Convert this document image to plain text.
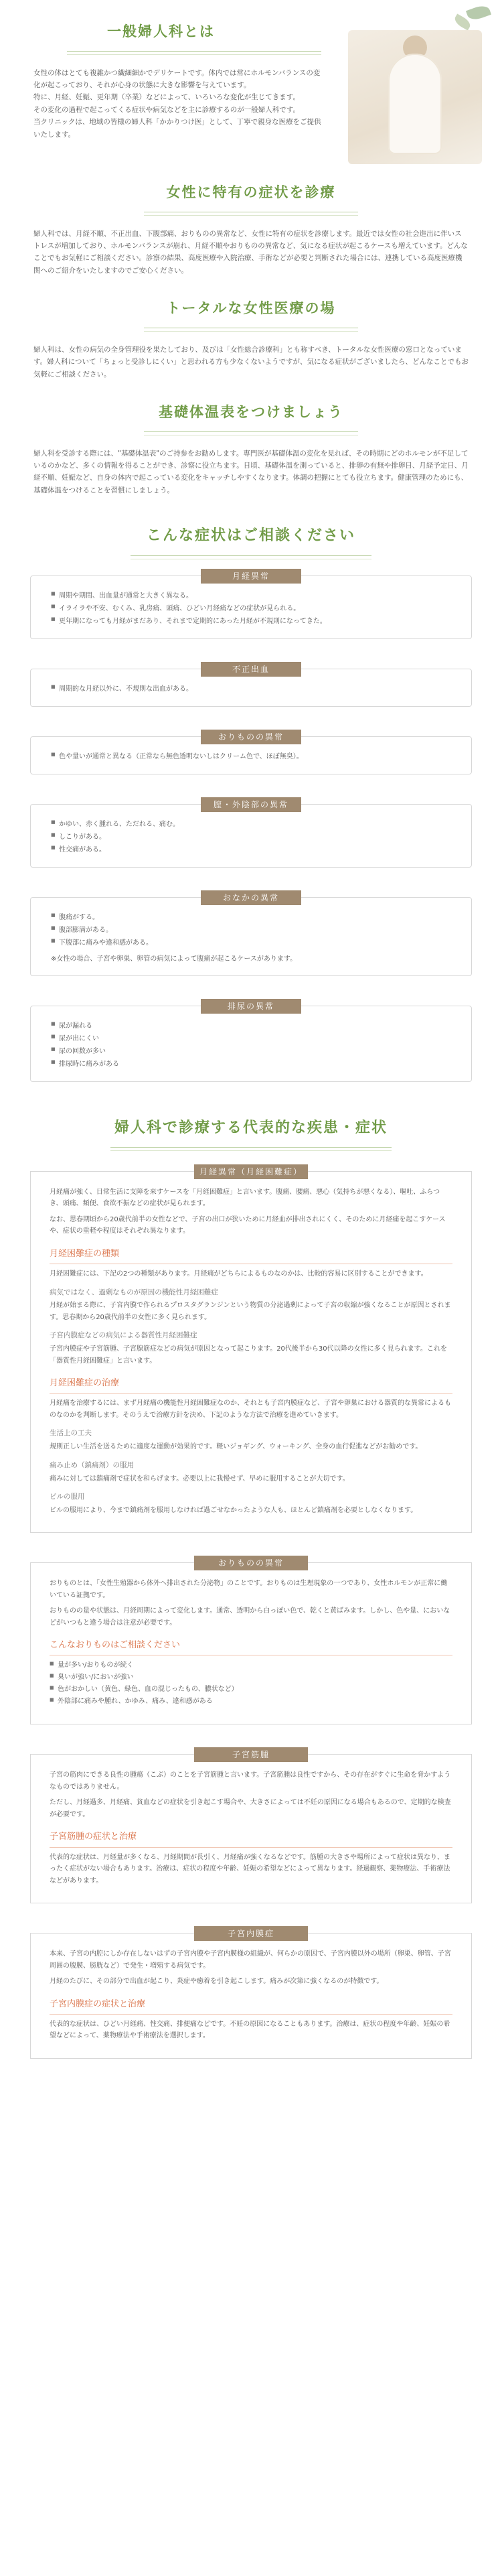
一般婦人科とは

女性の体はとても複雑かつ繊細細かでデリケートです。体内では常にホルモンバランスの変化が起こっており、それが心身の状態に大きな影響を与えています。

特に、月経、妊娠、更年期（卒業）などによって、いろいろな変化が生じてきます。

その変化の過程で起こってくる症状や病気などを主に診療するのが一般婦人科です。

当クリニックは、地域の皆様の婦人科「かかりつけ医」として、丁寧で親身な医療をご提供いたします。

女性に特有の症状を診療

婦人科では、月経不順、不正出血、下腹部痛、おりものの異常など、女性に特有の症状を診療します。最近では女性の社会進出に伴いストレスが増加しており、ホルモンバランスが崩れ、月経不順やおりものの異常など、気になる症状が起こるケースも増えています。どんなことでもお気軽にご相談ください。診察の結果、高度医療や入院治療、手術などが必要と判断された場合には、連携している高度医療機関へのご紹介をいたしますのでご安心ください。

トータルな女性医療の場

婦人科は、女性の病気の全身管理役を果たしており、及びは「女性総合診療科」とも称すべき、トータルな女性医療の窓口となっています。婦人科について「ちょっと受診しにくい」と思われる方も少なくないようですが、気になる症状がございましたら、どんなことでもお気軽にご相談ください。

基礎体温表をつけましょう

婦人科を受診する際には、"基礎体温表"のご持参をお勧めします。専門医が基礎体温の変化を見れば、その時期にどのホルモンが不足しているのかなど、多くの情報を得ることができ、診察に役立ちます。日頃、基礎体温を測っていると、排卵の有無や排卵日、月経予定日、月経不順、妊娠など、自身の体内で起こっている変化をキャッチしやすくなります。体調の把握にとても役立ちます。健康管理のためにも、基礎体温をつけることを習慣にしましょう。

こんな症状はご相談ください
月経異常
■ 周期や期間、出血量が通常と大きく異なる。
■ イライラや不安、むくみ、乳房痛、頭痛、ひどい月経痛などの症状が見られる。
■ 更年期になっても月経がまだあり、それまで定期的にあった月経が不規則になってきた。
不正出血
■ 周期的な月経以外に、不規則な出血がある。
おりものの異常
■ 色や量いが通常と異なる（正常なら無色透明ないしはクリーム色で、ほぼ無臭）。
膣・外陰部の異常
■ かゆい、赤く腫れる、ただれる、痛む。
■ しこりがある。
■ 性交痛がある。
おなかの異常
■ 腹痛がする。
■ 腹部膨満がある。
■ 下腹部に痛みや違和感がある。

※女性の場合、子宮や卵巣、卵管の病気によって腹痛が起こるケースがあります。

排尿の異常
■ 尿が漏れる
■ 尿が出にくい
■ 尿の回数が多い
■ 排尿時に痛みがある
婦人科で診療する代表的な疾患・症状
月経異常（月経困難症）

月経痛が強く、日常生活に支障を来すケースを「月経困難症」と言います。腹痛、腰痛、悪心（気持ちが悪くなる）、嘔吐、ふらつき、頭痛、頻便、食欲不振などの症状が見られます。

なお、思春期頃から20歳代前半の女性などで、子宮の出口が狭いために月経血が排出されにくく、そのために月経痛を起こすケースや、症状の重軽や程度はそれぞれ異なります。

月経困難症の種類

月経困難症には、下記の2つの種類があります。月経痛がどちらによるものなのかは、比較的容易に区別することができます。

病気ではなく、過剰なものが原因の機能性月経困難症

月経が始まる際に、子宮内膜で作られるプロスタグランジンという物質の分泌過剰によって子宮の収縮が強くなることが原因とされます。思春期から20歳代前半の女性に多く見られます。

子宮内膜症などの病気による器質性月経困難症

子宮内膜症や子宮筋腫、子宮腺筋症などの病気が原因となって起こります。20代後半から30代以降の女性に多く見られます。これを「器質性月経困難症」と言います。

月経困難症の治療

月経痛を治療するには、まず月経痛の機能性月経困難症なのか、それとも子宮内膜症など、子宮や卵巣における器質的な異常によるものなのかを判断します。そのうえで治療方針を決め、下記のような方法で治療を進めていきます。

生活上の工夫

規則正しい生活を送るために適度な運動が効果的です。軽いジョギング、ウォーキング、全身の血行促進などがお勧めです。

痛み止め（鎮痛剤）の服用

痛みに対しては鎮痛剤で症状を和らげます。必要以上に我慢せず、早めに服用することが大切です。

ピルの服用

ピルの服用により、今まで鎮痛剤を服用しなければ過ごせなかったような人も、ほとんど鎮痛剤を必要としなくなります。

おりものの異常

おりものとは、「女性生殖器から体外へ排出された分泌物」のことです。おりものは生理現象の一つであり、女性ホルモンが正常に働いている証拠です。

おりものの量や状態は、月経周期によって変化します。通常、透明から白っぽい色で、乾くと黄ばみます。しかし、色や量、においなどがいつもと違う場合は注意が必要です。

こんなおりものはご相談ください
■ 量が多い/おりものが続く
■ 臭いが強い/においが強い
■ 色がおかしい（黄色、緑色、血の混じったもの、膿状など）
■ 外陰部に痛みや腫れ、かゆみ、痛み、違和感がある
子宮筋腫

子宮の筋肉にできる良性の腫瘍（こぶ）のことを子宮筋腫と言います。子宮筋腫は良性ですから、その存在がすぐに生命を脅かすようなものではありません。

ただし、月経過多、月経痛、貧血などの症状を引き起こす場合や、大きさによっては不妊の原因になる場合もあるので、定期的な検査が必要です。

子宮筋腫の症状と治療

代表的な症状は、月経量が多くなる、月経期間が長引く、月経痛が強くなるなどです。筋腫の大きさや場所によって症状は異なり、まったく症状がない場合もあります。治療は、症状の程度や年齢、妊娠の希望などによって異なります。経過観察、薬物療法、手術療法などがあります。

子宮内膜症

本来、子宮の内腔にしか存在しないはずの子宮内膜や子宮内膜様の組織が、何らかの原因で、子宮内膜以外の場所（卵巣、卵管、子宮周囲の腹膜、膀胱など）で発生・増殖する病気です。

月経のたびに、その部分で出血が起こり、炎症や癒着を引き起こします。痛みが次第に強くなるのが特徴です。

子宮内膜症の症状と治療

代表的な症状は、ひどい月経痛、性交痛、排便痛などです。不妊の原因になることもあります。治療は、症状の程度や年齢、妊娠の希望などによって、薬物療法や手術療法を選択します。
